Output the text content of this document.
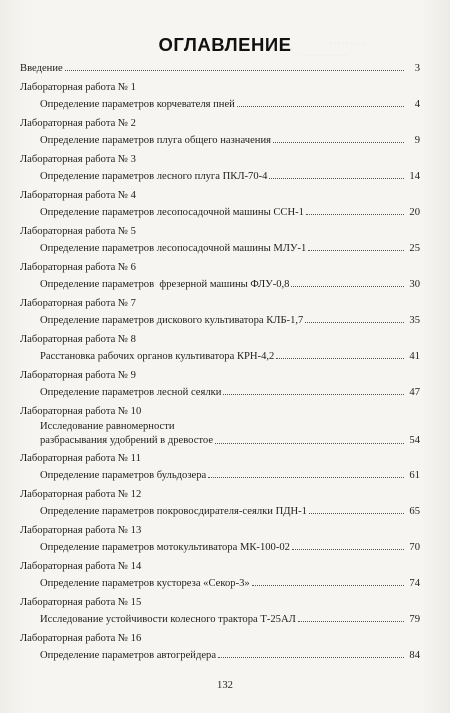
· · · · · · · · ·
· · · · · · · · · · · ·
ОГЛАВЛЕНИЕ
Введение	3
Лабораторная работа № 1
Определение параметров корчевателя пней	4
Лабораторная работа № 2
Определение параметров плуга общего назначения	9
Лабораторная работа № 3
Определение параметров лесного плуга ПКЛ-70-4	14
Лабораторная работа № 4
Определение параметров лесопосадочной машины ССН-1	20
Лабораторная работа № 5
Определение параметров лесопосадочной машины МЛУ-1	25
Лабораторная работа № 6
Определение параметров  фрезерной машины ФЛУ-0,8	30
Лабораторная работа № 7
Определение параметров дискового культиватора КЛБ-1,7	35
Лабораторная работа № 8
Расстановка рабочих органов культиватора КРН-4,2	41
Лабораторная работа № 9
Определение параметров лесной сеялки	47
Лабораторная работа № 10
Исследование равномерности
разбрасывания удобрений в древостое	54
Лабораторная работа № 11
Определение параметров бульдозера	61
Лабораторная работа № 12
Определение параметров покровосдирателя-сеялки ПДН-1	65
Лабораторная работа № 13
Определение параметров мотокультиватора МК-100-02	70
Лабораторная работа № 14
Определение параметров кустореза «Секор-3»	74
Лабораторная работа № 15
Исследование устойчивости колесного трактора Т-25АЛ	79
Лабораторная работа № 16
Определение параметров автогрейдера	84
132
